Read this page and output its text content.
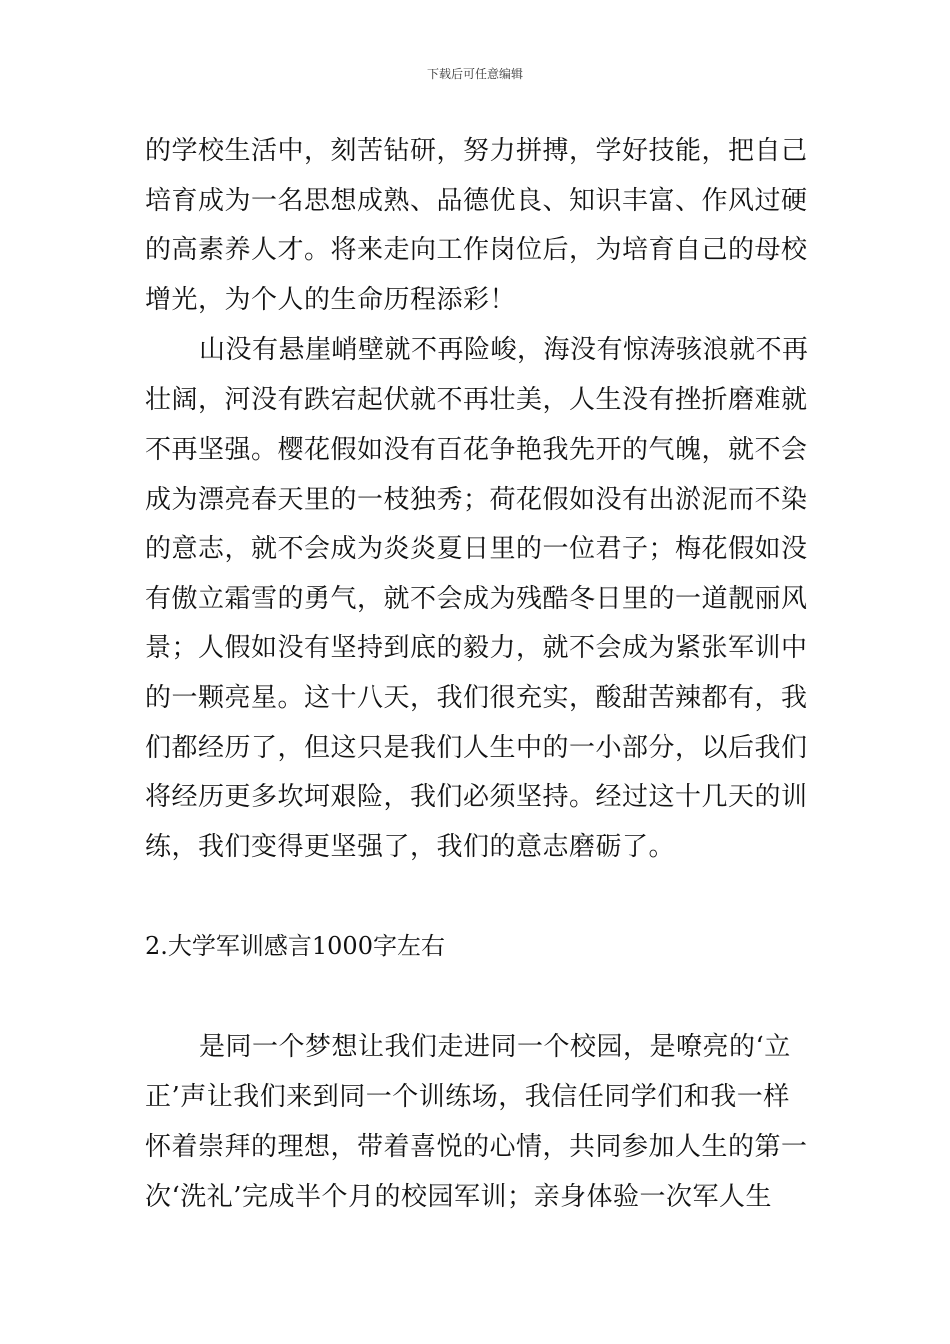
下载后可任意编辑
的学校生活中，刻苦钻研，努力拼搏，学好技能，把自己
培育成为一名思想成熟、品德优良、知识丰富、作风过硬
的高素养人才。将来走向工作岗位后，为培育自己的母校
增光，为个人的生命历程添彩！
山没有悬崖峭壁就不再险峻，海没有惊涛骇浪就不再
壮阔，河没有跌宕起伏就不再壮美，人生没有挫折磨难就
不再坚强。樱花假如没有百花争艳我先开的气魄，就不会
成为漂亮春天里的一枝独秀；荷花假如没有出淤泥而不染
的意志，就不会成为炎炎夏日里的一位君子；梅花假如没
有傲立霜雪的勇气，就不会成为残酷冬日里的一道靓丽风
景；人假如没有坚持到底的毅力，就不会成为紧张军训中
的一颗亮星。这十八天，我们很充实，酸甜苦辣都有，我
们都经历了，但这只是我们人生中的一小部分，以后我们
将经历更多坎坷艰险，我们必须坚持。经过这十几天的训
练，我们变得更坚强了，我们的意志磨砺了。
2.大学军训感言1000字左右
是同一个梦想让我们走进同一个校园，是嘹亮的‘立
正’声让我们来到同一个训练场，我信任同学们和我一样
怀着崇拜的理想，带着喜悦的心情，共同参加人生的第一
次‘洗礼’完成半个月的校园军训；亲身体验一次军人生
